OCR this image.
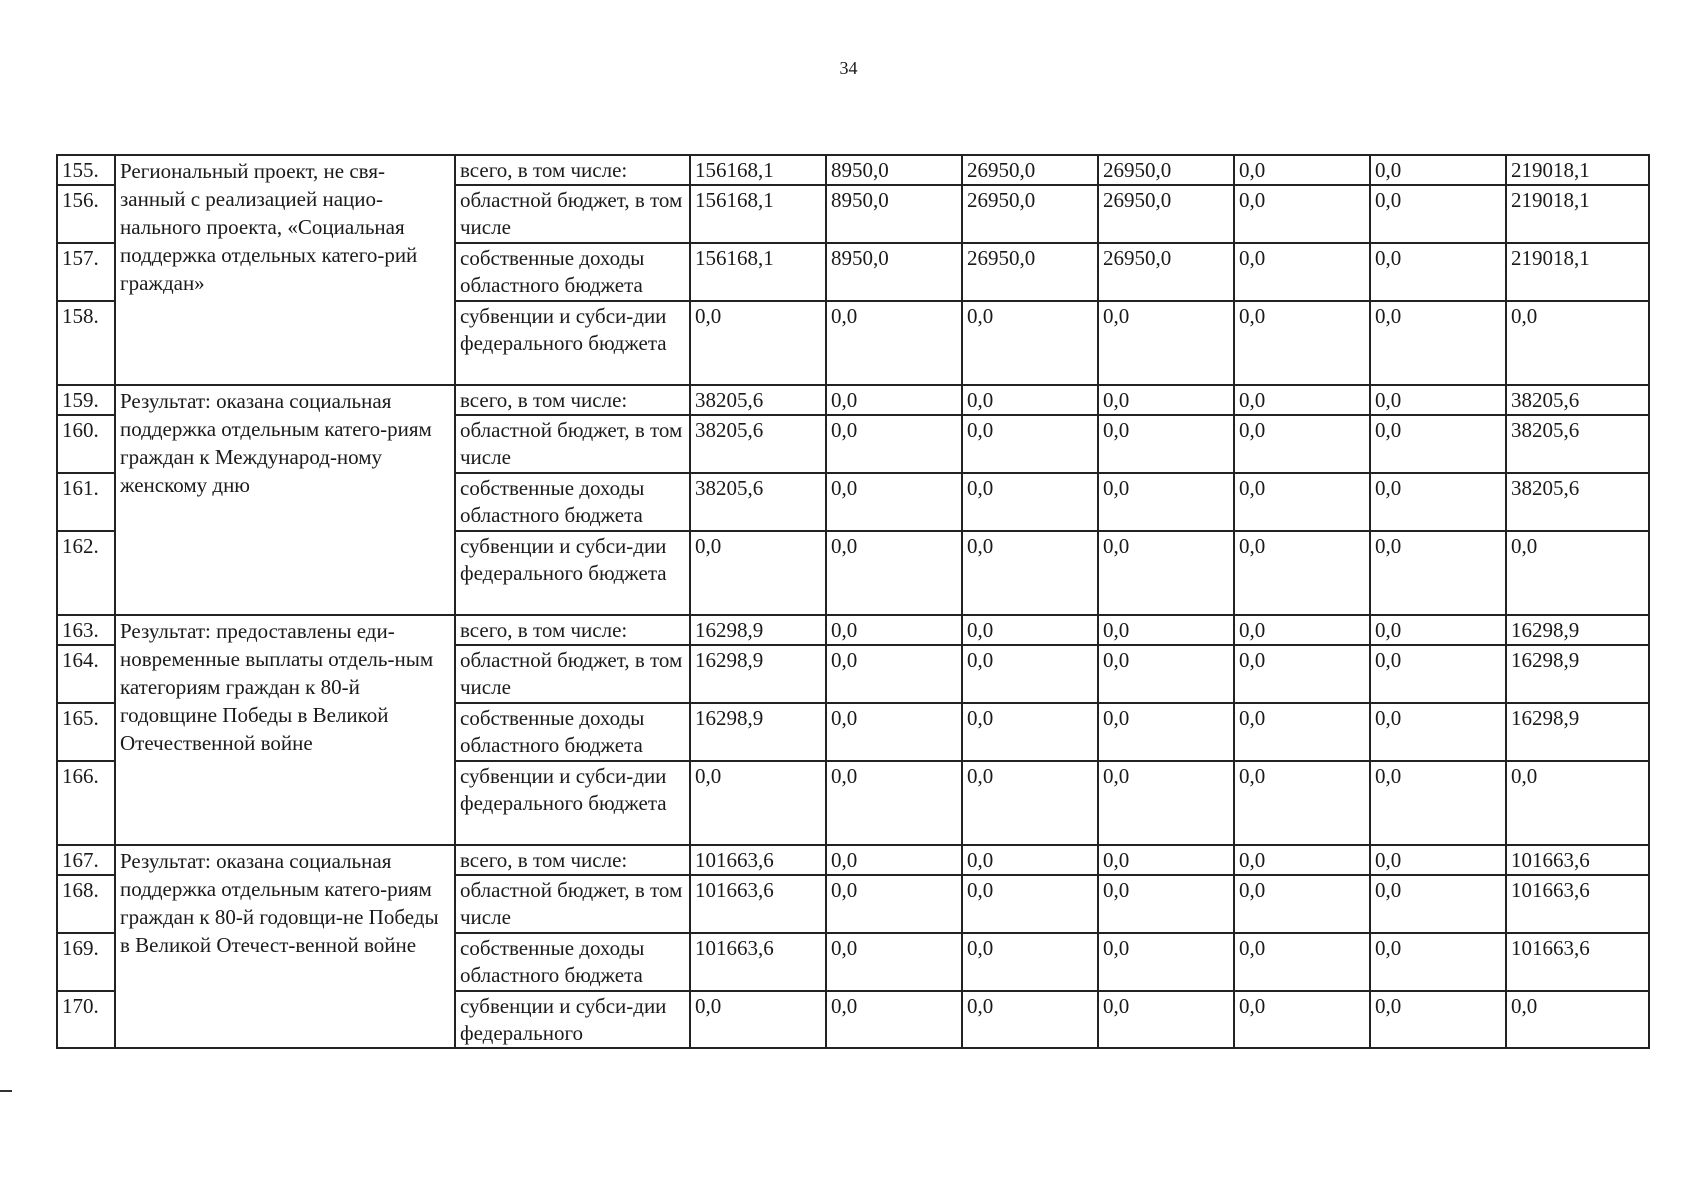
34
155.	Региональный проект, не свя-занный с реализацией нацио-нального проекта, «Социальная поддержка отдельных катего-рий граждан»	всего, в том числе:	156168,1	8950,0	26950,0	26950,0	0,0	0,0	219018,1
156.		областной бюджет, в том числе	156168,1	8950,0	26950,0	26950,0	0,0	0,0	219018,1
157.		собственные доходы областного бюджета	156168,1	8950,0	26950,0	26950,0	0,0	0,0	219018,1
158.		субвенции и субси-дии федерального бюджета	0,0	0,0	0,0	0,0	0,0	0,0	0,0
159.	Результат: оказана социальная поддержка отдельным катего-риям граждан к Международ-ному женскому дню	всего, в том числе:	38205,6	0,0	0,0	0,0	0,0	0,0	38205,6
160.		областной бюджет, в том числе	38205,6	0,0	0,0	0,0	0,0	0,0	38205,6
161.		собственные доходы областного бюджета	38205,6	0,0	0,0	0,0	0,0	0,0	38205,6
162.		субвенции и субси-дии федерального бюджета	0,0	0,0	0,0	0,0	0,0	0,0	0,0
163.	Результат: предоставлены еди-новременные выплаты отдель-ным категориям граждан к 80-й годовщине Победы в Великой Отечественной войне	всего, в том числе:	16298,9	0,0	0,0	0,0	0,0	0,0	16298,9
164.		областной бюджет, в том числе	16298,9	0,0	0,0	0,0	0,0	0,0	16298,9
165.		собственные доходы областного бюджета	16298,9	0,0	0,0	0,0	0,0	0,0	16298,9
166.		субвенции и субси-дии федерального бюджета	0,0	0,0	0,0	0,0	0,0	0,0	0,0
167.	Результат: оказана социальная поддержка отдельным катего-риям граждан к 80-й годовщи-не Победы в Великой Отечест-венной войне	всего, в том числе:	101663,6	0,0	0,0	0,0	0,0	0,0	101663,6
168.		областной бюджет, в том числе	101663,6	0,0	0,0	0,0	0,0	0,0	101663,6
169.		собственные доходы областного бюджета	101663,6	0,0	0,0	0,0	0,0	0,0	101663,6
170.		субвенции и субси-дии федерального	0,0	0,0	0,0	0,0	0,0	0,0	0,0
